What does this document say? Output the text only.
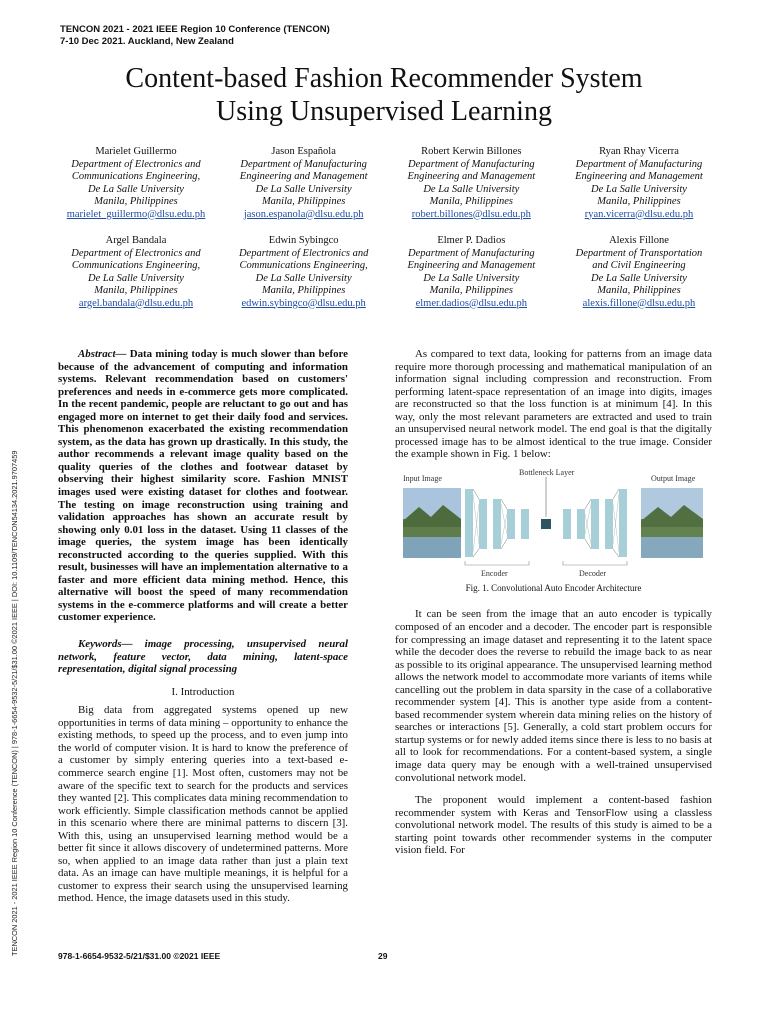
TENCON 2021 - 2021 IEEE Region 10 Conference (TENCON)
7-10 Dec 2021. Auckland, New Zealand
Content-based Fashion Recommender System
Using Unsupervised Learning
Marielet Guillermo
Department of Electronics and
Communications Engineering,
De La Salle University
Manila, Philippines
marielet_guillermo@dlsu.edu.ph
Jason Española
Department of Manufacturing
Engineering and Management
De La Salle University
Manila, Philippines
jason.espanola@dlsu.edu.ph
Robert Kerwin Billones
Department of Manufacturing
Engineering and Management
De La Salle University
Manila, Philippines
robert.billones@dlsu.edu.ph
Ryan Rhay Vicerra
Department of Manufacturing
Engineering and Management
De La Salle University
Manila, Philippines
ryan.vicerra@dlsu.edu.ph
Argel Bandala
Department of Electronics and
Communications Engineering,
De La Salle University
Manila, Philippines
argel.bandala@dlsu.edu.ph
Edwin Sybingco
Department of Electronics and
Communications Engineering,
De La Salle University
Manila, Philippines
edwin.sybingco@dlsu.edu.ph
Elmer P. Dadios
Department of Manufacturing
Engineering and Management
De La Salle University
Manila, Philippines
elmer.dadios@dlsu.edu.ph
Alexis Fillone
Department of Transportation
and Civil Engineering
De La Salle University
Manila, Philippines
alexis.fillone@dlsu.edu.ph
TENCON 2021 - 2021 IEEE Region 10 Conference (TENCON) | 978-1-6654-9532-5/21/$31.00 ©2021 IEEE | DOI: 10.1109/TENCON54134.2021.9707459

Abstract— Data mining today is much slower than before because of the advancement of computing and information systems. Relevant recommendation based on customers' preferences and needs in e-commerce gets more complicated. In the recent pandemic, people are reluctant to go out and has engaged more on internet to get their daily food and services. This phenomenon exacerbated the existing recommendation system, as the data has grown up drastically. In this study, the author recommends a relevant image quality based on the quality queries of the clothes and footwear dataset by observing their highest similarity score. Fashion MNIST images used were existing dataset for clothes and footwear. The testing on image reconstruction using training and validation approaches has shown an accurate result by showing only 0.01 loss in the dataset. Using 11 classes of the image queries, the system image has been identically reconstructed according to the queries supplied. With this result, businesses will have an implementation alternative to a faster and more efficient data mining method. Hence, this alternative will boost the speed of many recommendation systems in the e-commerce platforms and will create a better customer experience.

Keywords— image processing, unsupervised neural network, feature vector, data mining, latent-space representation, digital signal processing

I. Introduction

Big data from aggregated systems opened up new opportunities in terms of data mining – opportunity to enhance the existing methods, to speed up the process, and to even jump into the world of computer vision. It is hard to know the preference of a customer by simply entering queries into a text-based e-commerce search engine [1]. Most often, customers may not be aware of the specific text to search for the products and services they wanted [2]. This complicates data mining recommendation to work efficiently. Simple classification methods cannot be applied in this scenario where there are minimal patterns to discern [3]. With this, using an unsupervised learning method would be a better fit since it allows discovery of undetermined patterns. More so, when applied to an image data rather than just a plain text data. As an image can have multiple meanings, it is helpful for a customer to express their search using the unsupervised learning method. Hence, the image datasets used in this study.

As compared to text data, looking for patterns from an image data require more thorough processing and mathematical manipulation of an information signal including compression and reconstruction. From performing latent-space representation of an image into digits, images are reconstructed so that the loss function is at minimum [4]. In this way, only the most relevant parameters are extracted and used to train an unsupervised neural network model. The end goal is that the digitally processed image has to be almost identical to the true image. Consider the example shown in Fig. 1 below:

Input Image
Bottleneck Layer
Output Image
Encoder	Decoder
Fig. 1. Convolutional Auto Encoder Architecture

It can be seen from the image that an auto encoder is typically composed of an encoder and a decoder. The encoder part is responsible for compressing an image dataset and representing it to the latent space while the decoder does the reverse to rebuild the image back to as near as possible to its original appearance. The unsupervised learning method allows the network model to accommodate more variants of items while cancelling out the problem in data sparsity in the case of a collaborative recommender system [4]. This is another type aside from a content-based recommender system wherein data mining relies on the history of searches or interactions [5]. Generally, a cold start problem occurs for startup systems or for newly added items since there is less to no basis at all to look for recommendations. For a content-based system, a single image data query may be enough with a well-trained unsupervised convolutional network model.

The proponent would implement a content-based fashion recommender system with Keras and TensorFlow using a classless convolutional network model. The results of this study is aimed to be a starting point towards other recommender systems in the computer vision field. For

978-1-6654-9532-5/21/$31.00 ©2021 IEEE	29
